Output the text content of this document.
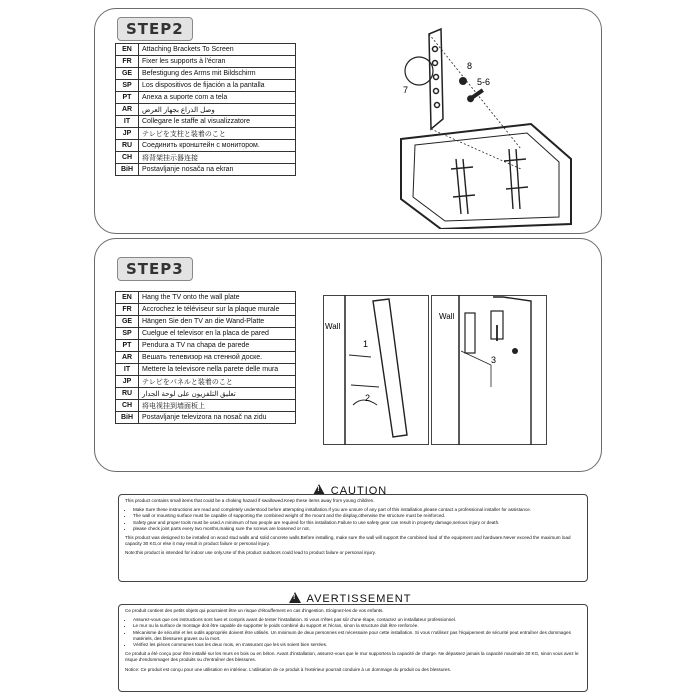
STEP2
EN	Attaching Brackets To Screen
FR	Fixer les supports à l'écran
GE	Befestigung des Arms mit Bildschirm
SP	Los dispositivos de fijación a la pantalla
PT	Anexa a suporte com a tela
AR	وصل الذراع بجهاز العرض
IT	Collegare le staffe al visualizzatore
JP	テレビを支柱と装着のこと
RU	Соединить кронштейн с монитором.
CH	将背架挂示器连接
BiH	Postavljanje nosača na ekran
8
7
5-6
STEP3
EN	Hang the TV onto the wall plate
FR	Accrochez le téléviseur sur la plaque murale
GE	Hängen Sie den TV an die Wand-Platte
SP	Cuelgue el televisor en la placa de pared
PT	Pendura a TV na chapa de parede
AR	Вешать телевизор на стенной доске.
IT	Mettere la televisore nella parete delle mura
JP	テレビをパネルと装着のこと
RU	تعليق التلفزيون على لوحة الجدار
CH	将电视挂到墙面板上
BiH	Postavljanje televizora na nosač na zidu
Wall
1
2
Wall
3
! CAUTION

This product contains small items that could be a choking hazard if swallowed.Keep these items away from young children.

• Make Sure these instructions are read and completely understood before attempting installation.If you are unsure of any part of this installation,please contact a professional installer for assistance.
• The wall or mounting surface must be capable of supporting the combined weight of the mount and the display,otherwise the structure must be reinforced.
• Safety gear and proper tools must be used.A minimum of two people are required for this installation.Failure to use safety gear can result in property damage,serious injury or death.
• please check joint parts every two months,making sure the screws are loosened or not.

This product was designed to be installed on wood stud walls and solid concrete walls.Before installing, make sure the wall will support the combined load of the equipment and hardware.Never exceed the maximum load capacity 30 KG,or else it may result in product failure or personal injury.

Note:this product is intended for indoor use only.Use of this product outdoors could lead to product failure or personal injury.

! AVERTISSEMENT

Ce produit contient des petits objets qui pourraient être un risque d'étouffement en cas d'ingestion. Eloignez-les de vos enfants.

• Assurez-vous que ces instructions sont lues et compris avant de tenter l'installation. Si vous n'êtes pas sûr d'une étape, contactez un installateur professionnel.
• Le mur ou la surface de montage doit être capable de supporter le poids combiné du support et l'écran, sinon la structure doit être renforcée.
• Mécanisme de sécurité et les outils appropriés doivent être utilisés. Un minimum de deux personnes est nécessaire pour cette installation. Si vous n'utilisez pas l'équipement de sécurité peut entraîner des dommages matériels, des blessures graves ou la mort.
• Vérifiez les pièces communes tous les deux mois, en s'assurant que les vis soient bien serrées.

Ce produit a été conçu pour être installé sur les murs en bois ou en béton. Avant d'installation, assurez-vous que le mur supportera la capacité de charge. Ne dépassez jamais la capacité maximale 30 KG, sinon vous avez le risque d'endommager des produits ou d'entraîner des blessures.

Notice: Ce produit est conçu pour une utilisation en intérieur. L'utilisation de ce produit à l'extérieur pourrait conduire à un dommage du produit ou des blessures.
